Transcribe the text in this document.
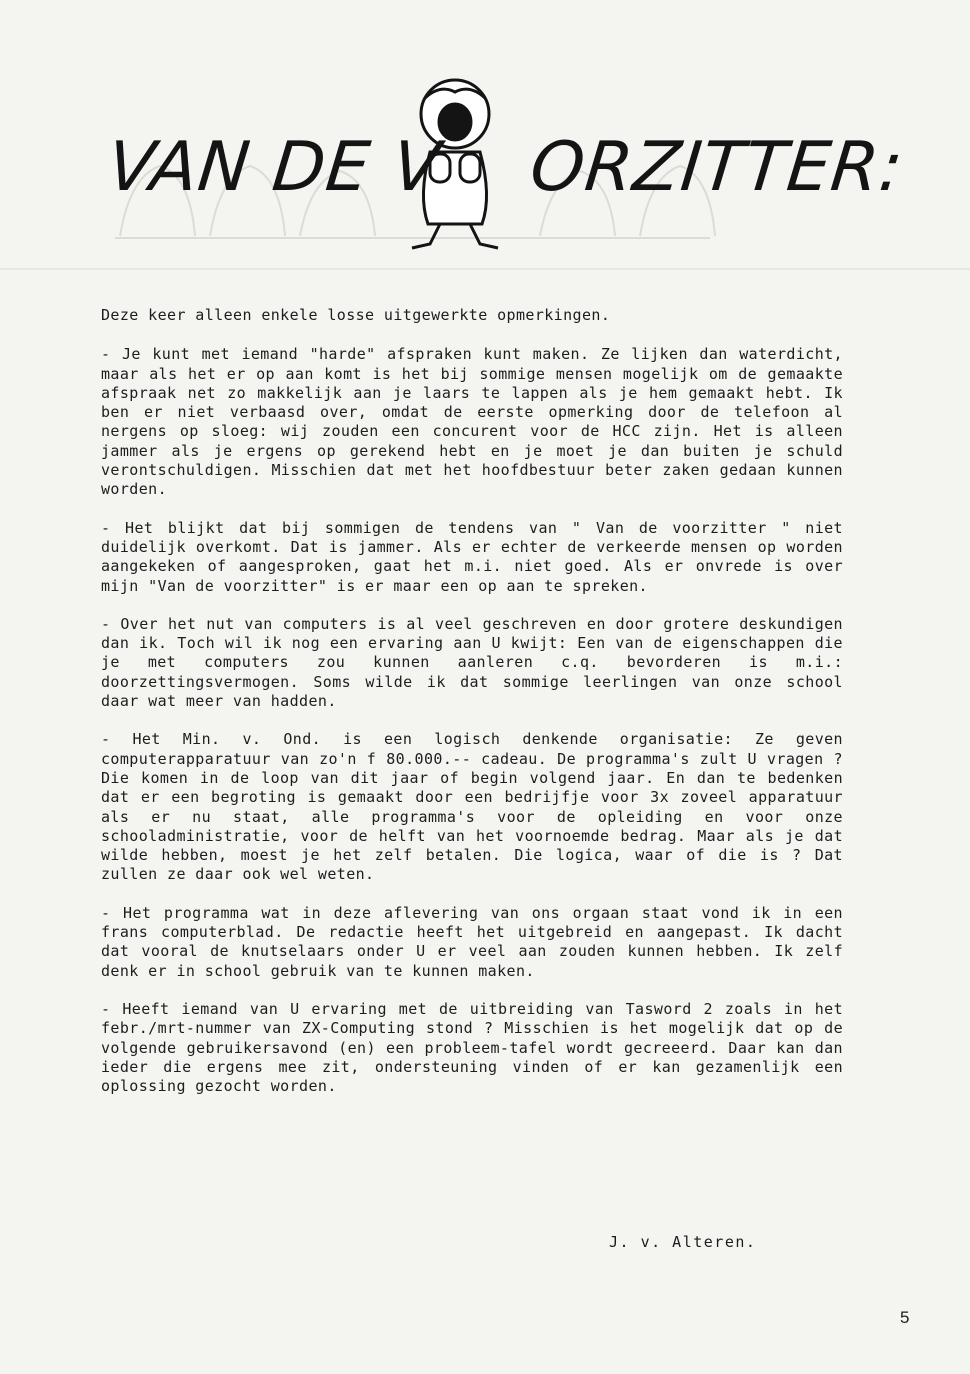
VAN DE V    ORZITTER:

Deze keer alleen enkele losse uitgewerkte opmerkingen.

- Je kunt met iemand "harde" afspraken kunt maken. Ze lijken dan waterdicht, maar als het er op aan komt is het bij sommige mensen mogelijk om de gemaakte afspraak net zo makkelijk aan je laars te lappen als je hem gemaakt hebt. Ik ben er niet verbaasd over, omdat de eerste opmerking door de telefoon al nergens op sloeg: wij zouden een concurent voor de HCC zijn. Het is alleen jammer als je ergens op gerekend hebt en je moet je dan buiten je schuld verontschuldigen. Misschien dat met het hoofdbestuur beter zaken gedaan kunnen worden.

- Het blijkt dat bij sommigen de tendens van " Van de voorzitter " niet duidelijk overkomt. Dat is jammer. Als er echter de verkeerde mensen op worden aangekeken of aangesproken, gaat het m.i. niet goed. Als er onvrede is over mijn "Van de voorzitter" is er maar een op aan te spreken.

- Over het nut van computers is al veel geschreven en door grotere deskundigen dan ik. Toch wil ik nog een ervaring aan U kwijt: Een van de eigenschappen die je met computers zou kunnen aanleren c.q. bevorderen is m.i.: doorzettingsvermogen. Soms wilde ik dat sommige leerlingen van onze school daar wat meer van hadden.

- Het Min. v. Ond. is een logisch denkende organisatie: Ze geven computerapparatuur van zo'n f 80.000.-- cadeau. De programma's zult U vragen ? Die komen in de loop van dit jaar of begin volgend jaar. En dan te bedenken dat er een begroting is gemaakt door een bedrijfje voor 3x zoveel apparatuur als er nu staat, alle programma's voor de opleiding en voor onze schooladministratie, voor de helft van het voornoemde bedrag. Maar als je dat wilde hebben, moest je het zelf betalen. Die logica, waar of die is ? Dat zullen ze daar ook wel weten.

- Het programma wat in deze aflevering van ons orgaan staat vond ik in een frans computerblad. De redactie heeft het uitgebreid en aangepast. Ik dacht dat vooral de knutselaars onder U er veel aan zouden kunnen hebben. Ik zelf denk er in school gebruik van te kunnen maken.

- Heeft iemand van U ervaring met de uitbreiding van Tasword 2 zoals in het febr./mrt-nummer van ZX-Computing stond ? Misschien is het mogelijk dat op de volgende gebruikersavond (en) een probleem-tafel wordt gecreeerd. Daar kan dan ieder die ergens mee zit, ondersteuning vinden of er kan gezamenlijk een oplossing gezocht worden.

J. v. Alteren.
5
